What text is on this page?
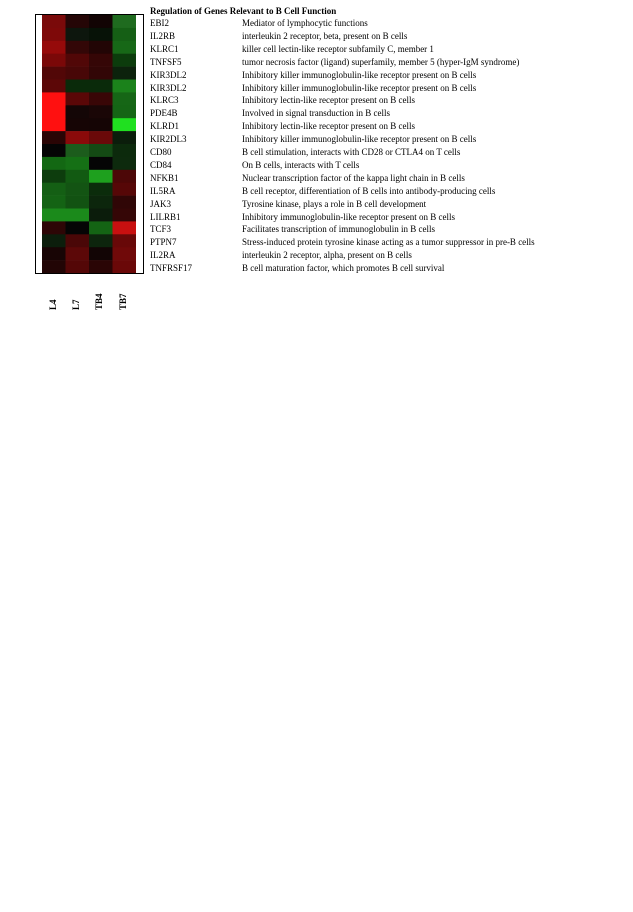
L4 L7 TB4 TB7
Regulation of Genes Relevant to B Cell Function
EBI2	Mediator of lymphocytic functions
IL2RB	interleukin 2 receptor, beta, present on B cells
KLRC1	killer cell lectin-like receptor subfamily C, member 1
TNFSF5	tumor necrosis factor (ligand) superfamily, member 5 (hyper-IgM syndrome)
KIR3DL2	Inhibitory killer immunoglobulin-like receptor present on B cells
KIR3DL2	Inhibitory killer immunoglobulin-like receptor present on B cells
KLRC3	Inhibitory lectin-like receptor present on B cells
PDE4B	Involved in signal transduction in B cells
KLRD1	Inhibitory lectin-like receptor present on B cells
KIR2DL3	Inhibitory killer immunoglobulin-like receptor present on B cells
CD80	B cell stimulation, interacts with CD28 or CTLA4 on T cells
CD84	On B cells, interacts with T cells
NFKB1	Nuclear transcription factor of the kappa light chain in B cells
IL5RA	B cell receptor, differentiation of B cells into antibody-producing cells
JAK3	Tyrosine kinase, plays a role in B cell development
LILRB1	Inhibitory immunoglobulin-like receptor present on B cells
TCF3	Facilitates transcription of immunoglobulin in B cells
PTPN7	Stress-induced protein tyrosine kinase acting as a tumor suppressor in pre-B cells
IL2RA	interleukin 2 receptor, alpha, present on B cells
TNFRSF17	B cell maturation factor, which promotes B cell survival
